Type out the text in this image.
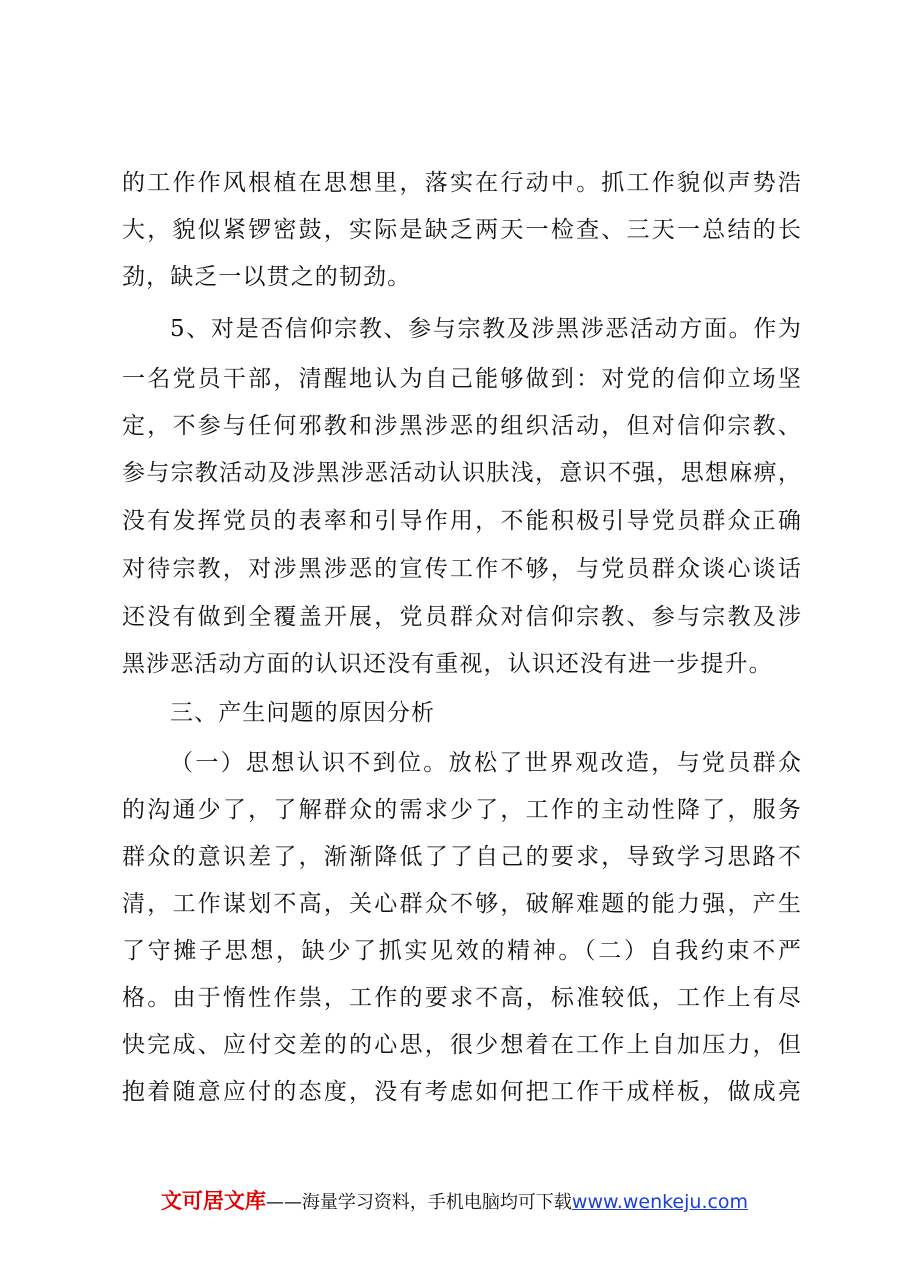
的工作作风根植在思想里，落实在行动中。抓工作貌似声势浩
大，貌似紧锣密鼓，实际是缺乏两天一检查、三天一总结的长
劲，缺乏一以贯之的韧劲。
5、对是否信仰宗教、参与宗教及涉黑涉恶活动方面。作为
一名党员干部，清醒地认为自己能够做到：对党的信仰立场坚
定，不参与任何邪教和涉黑涉恶的组织活动，但对信仰宗教、
参与宗教活动及涉黑涉恶活动认识肤浅，意识不强，思想麻痹，
没有发挥党员的表率和引导作用，不能积极引导党员群众正确
对待宗教，对涉黑涉恶的宣传工作不够，与党员群众谈心谈话
还没有做到全覆盖开展，党员群众对信仰宗教、参与宗教及涉
黑涉恶活动方面的认识还没有重视，认识还没有进一步提升。
三、产生问题的原因分析
（一）思想认识不到位。放松了世界观改造，与党员群众
的沟通少了，了解群众的需求少了，工作的主动性降了，服务
群众的意识差了，渐渐降低了了自己的要求，导致学习思路不
清，工作谋划不高，关心群众不够，破解难题的能力强，产生
了守摊子思想，缺少了抓实见效的精神。（二）自我约束不严
格。由于惰性作祟，工作的要求不高，标准较低，工作上有尽
快完成、应付交差的的心思，很少想着在工作上自加压力，但
抱着随意应付的态度，没有考虑如何把工作干成样板，做成亮
文可居文库——海量学习资料，手机电脑均可下载www.wenkeju.com
